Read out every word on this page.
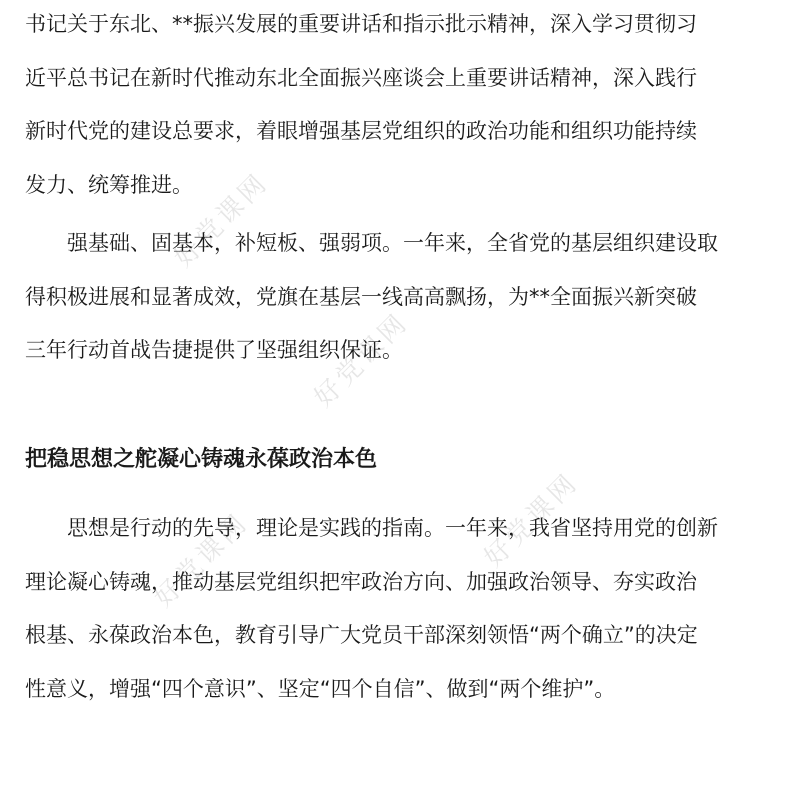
好党课网
好党课网
好党课网
好党课网
书记关于东北、**振兴发展的重要讲话和指示批示精神，深入学习贯彻习
近平总书记在新时代推动东北全面振兴座谈会上重要讲话精神，深入践行
新时代党的建设总要求，着眼增强基层党组织的政治功能和组织功能持续
发力、统筹推进。
　　强基础、固基本，补短板、强弱项。一年来，全省党的基层组织建设取
得积极进展和显著成效，党旗在基层一线高高飘扬，为**全面振兴新突破
三年行动首战告捷提供了坚强组织保证。
把稳思想之舵凝心铸魂永葆政治本色
　　思想是行动的先导，理论是实践的指南。一年来，我省坚持用党的创新
理论凝心铸魂，推动基层党组织把牢政治方向、加强政治领导、夯实政治
根基、永葆政治本色，教育引导广大党员干部深刻领悟“两个确立”的决定
性意义，增强“四个意识”、坚定“四个自信”、做到“两个维护”。
